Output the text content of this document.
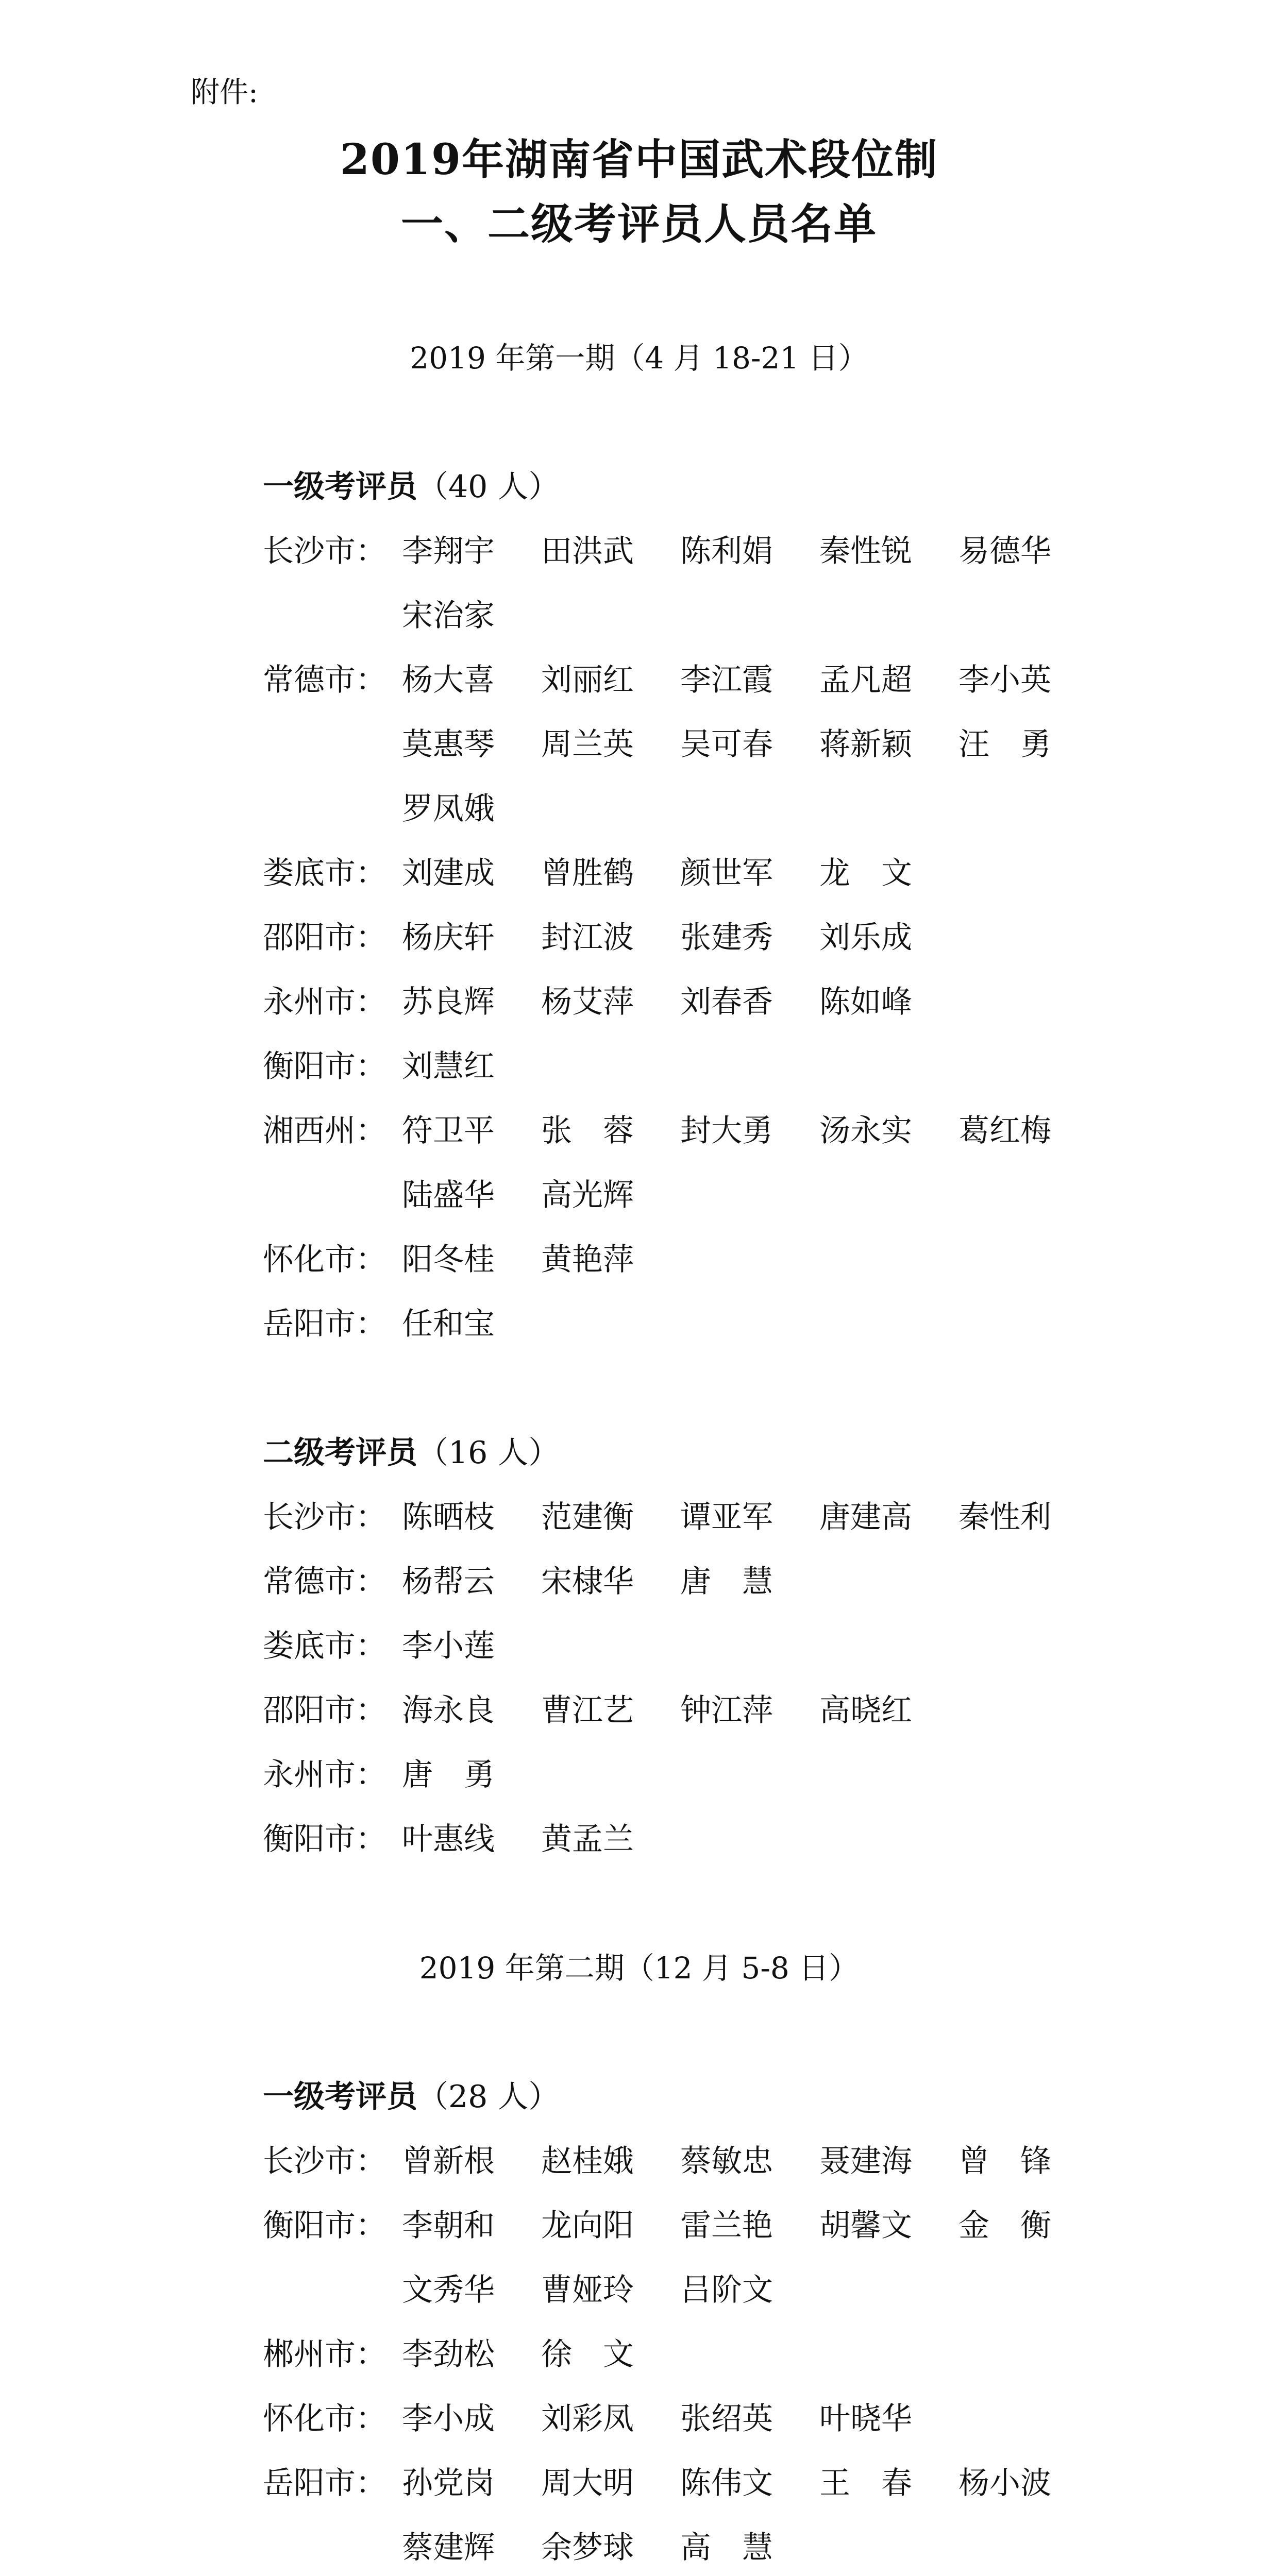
附件:
2019年湖南省中国武术段位制
一、二级考评员人员名单
2019 年第一期（4 月 18-21 日）
一级考评员（40 人）
长沙市： 李翔宇 田洪武 陈利娟 秦性锐 易德华
宋治家
常德市： 杨大喜 刘丽红 李江霞 孟凡超 李小英
莫惠琴 周兰英 吴可春 蒋新颖 汪　勇
罗凤娥
娄底市： 刘建成 曾胜鹤 颜世军 龙　文
邵阳市： 杨庆轩 封江波 张建秀 刘乐成
永州市： 苏良辉 杨艾萍 刘春香 陈如峰
衡阳市： 刘慧红
湘西州： 符卫平 张　蓉 封大勇 汤永实 葛红梅
陆盛华 高光辉
怀化市： 阳冬桂 黄艳萍
岳阳市： 任和宝
二级考评员（16 人）
长沙市： 陈晒枝 范建衡 谭亚军 唐建高 秦性利
常德市： 杨帮云 宋棣华 唐　慧
娄底市： 李小莲
邵阳市： 海永良 曹江艺 钟江萍 高晓红
永州市： 唐　勇
衡阳市： 叶惠线 黄孟兰
2019 年第二期（12 月 5-8 日）
一级考评员（28 人）
长沙市： 曾新根 赵桂娥 蔡敏忠 聂建海 曾　锋
衡阳市： 李朝和 龙向阳 雷兰艳 胡馨文 金　衡
文秀华 曹娅玲 吕阶文
郴州市： 李劲松 徐　文
怀化市： 李小成 刘彩凤 张绍英 叶晓华
岳阳市： 孙党岗 周大明 陈伟文 王　春 杨小波
蔡建辉 余梦球 高　慧
